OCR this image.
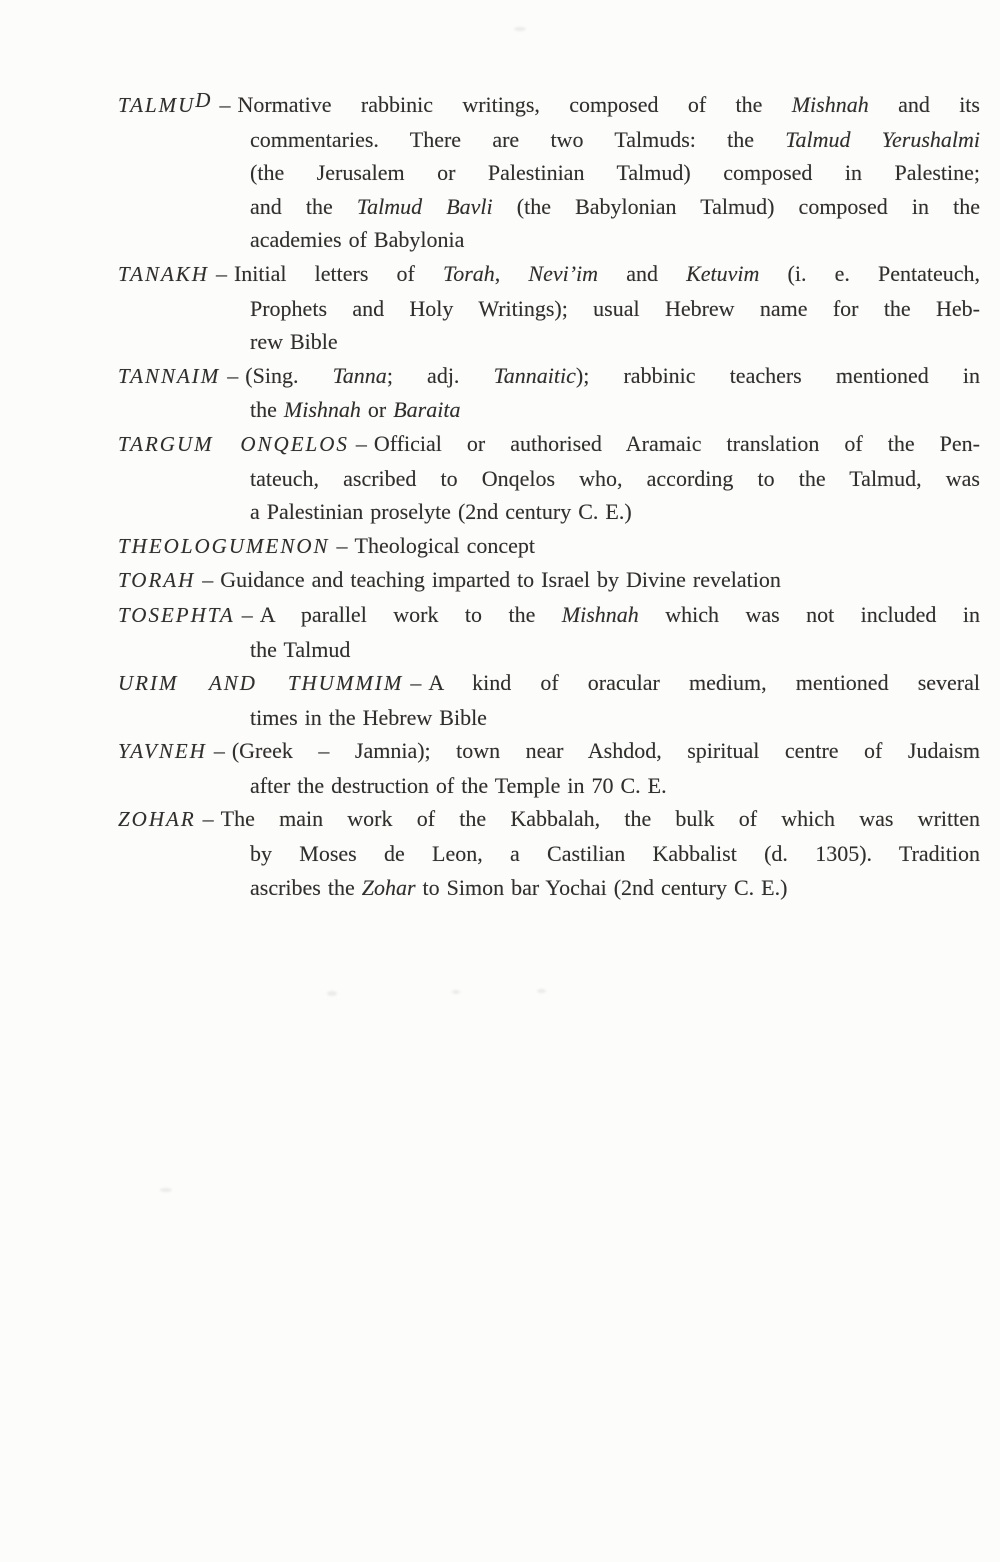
TALMUD – Normative rabbinic writings, composed of the Mishnah and its
commentaries. There are two Talmuds: the Talmud Yerushalmi
(the Jerusalem or Palestinian Talmud) composed in Palestine;
and the Talmud Bavli (the Babylonian Talmud) composed in the
academies of Babylonia
TANAKH – Initial letters of Torah, Nevi’im and Ketuvim (i. e. Pentateuch,
Prophets and Holy Writings); usual Hebrew name for the Heb-
rew Bible
TANNAIM – (Sing. Tanna; adj. Tannaitic); rabbinic teachers mentioned in
the Mishnah or Baraita
TARGUM ONQELOS – Official or authorised Aramaic translation of the Pen-
tateuch, ascribed to Onqelos who, according to the Talmud, was
a Palestinian proselyte (2nd century C. E.)
THEOLOGUMENON – Theological concept
TORAH – Guidance and teaching imparted to Israel by Divine revelation
TOSEPHTA – A parallel work to the Mishnah which was not included in
the Talmud
URIM AND THUMMIM – A kind of oracular medium, mentioned several
times in the Hebrew Bible
YAVNEH – (Greek – Jamnia); town near Ashdod, spiritual centre of Judaism
after the destruction of the Temple in 70 C. E.
ZOHAR – The main work of the Kabbalah, the bulk of which was written
by Moses de Leon, a Castilian Kabbalist (d. 1305). Tradition
ascribes the Zohar to Simon bar Yochai (2nd century C. E.)
